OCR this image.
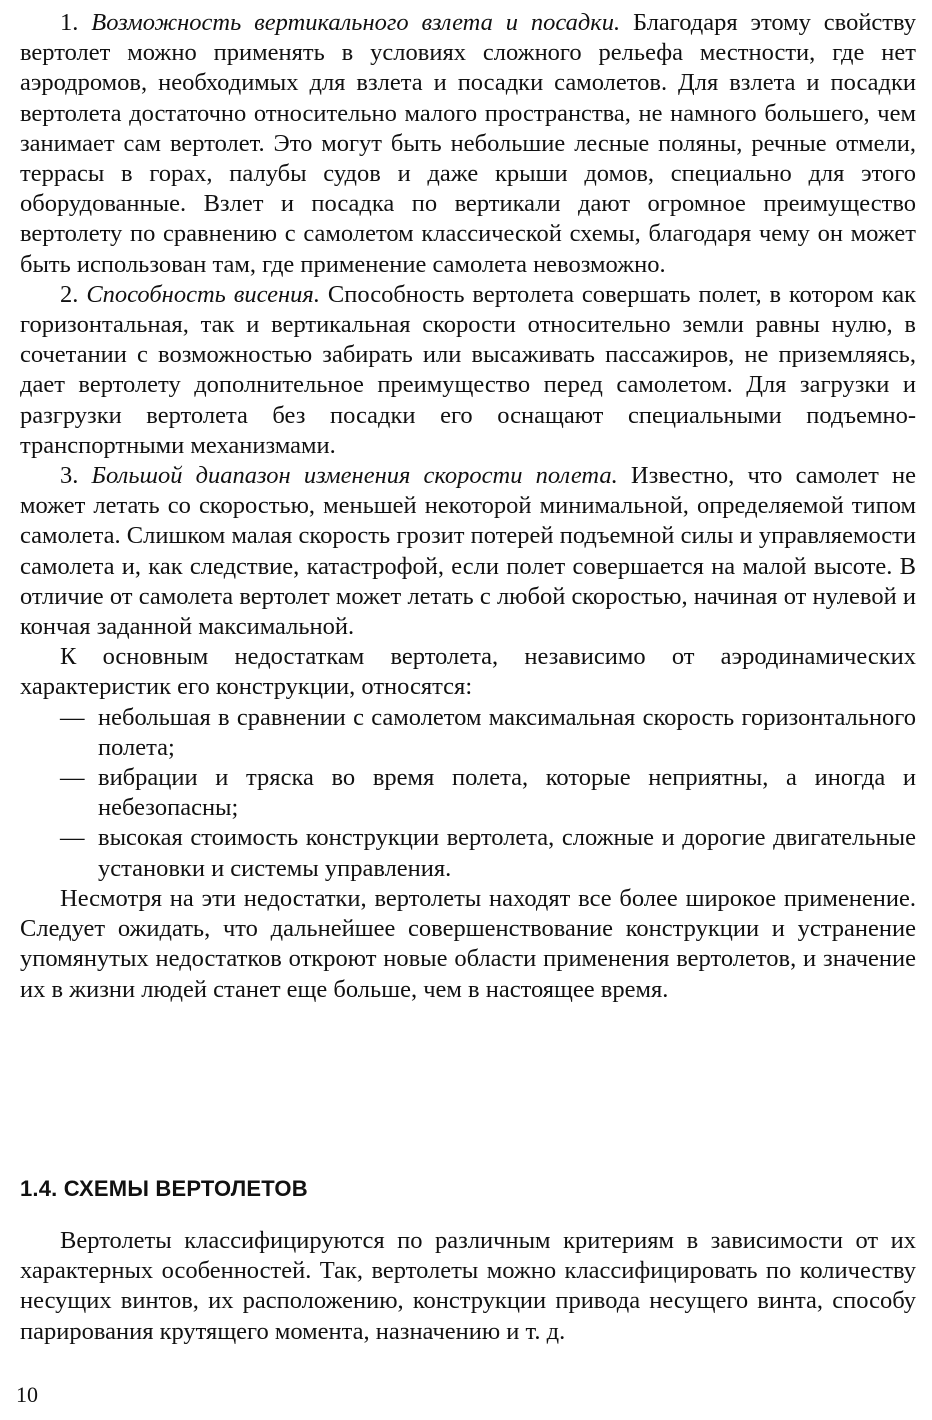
1. Возможность вертикального взлета и посадки. Благодаря этому свойству вертолет можно применять в условиях сложного рельефа местности, где нет аэродромов, необходимых для взлета и посадки самолетов. Для взлета и посадки вертолета достаточно относительно малого пространства, не намного большего, чем занимает сам вертолет. Это могут быть небольшие лесные поляны, речные отмели, террасы в горах, палубы судов и даже крыши домов, специально для этого оборудованные. Взлет и посадка по вертикали дают огромное преимущество вертолету по сравнению с самолетом классической схемы, благодаря чему он может быть использован там, где применение самолета невозможно.

2. Способность висения. Способность вертолета совершать полет, в котором как горизонтальная, так и вертикальная скорости относительно земли равны нулю, в сочетании с возможностью забирать или высаживать пассажиров, не приземляясь, дает вертолету дополнительное преимущество перед самолетом. Для загрузки и разгрузки вертолета без посадки его оснащают специальными подъемно-транспортными механизмами.

3. Большой диапазон изменения скорости полета. Известно, что самолет не может летать со скоростью, меньшей некоторой минимальной, определяемой типом самолета. Слишком малая скорость грозит потерей подъемной силы и управляемости самолета и, как следствие, катастрофой, если полет совершается на малой высоте. В отличие от самолета вертолет может летать с любой скоростью, начиная от нулевой и кончая заданной максимальной.

К основным недостаткам вертолета, независимо от аэродинамических характеристик его конструкции, относятся:

— небольшая в сравнении с самолетом максимальная скорость горизонтального полета;
— вибрации и тряска во время полета, которые неприятны, а иногда и небезопасны;
— высокая стоимость конструкции вертолета, сложные и дорогие двигательные установки и системы управления.

Несмотря на эти недостатки, вертолеты находят все более широкое применение. Следует ожидать, что дальнейшее совершенствование конструкции и устранение упомянутых недостатков откроют новые области применения вертолетов, и значение их в жизни людей станет еще больше, чем в настоящее время.

1.4. СХЕМЫ ВЕРТОЛЕТОВ

Вертолеты классифицируются по различным критериям в зависимости от их характерных особенностей. Так, вертолеты можно классифицировать по количеству несущих винтов, их расположению, конструкции привода несущего винта, способу парирования крутящего момента, назначению и т. д.

10
